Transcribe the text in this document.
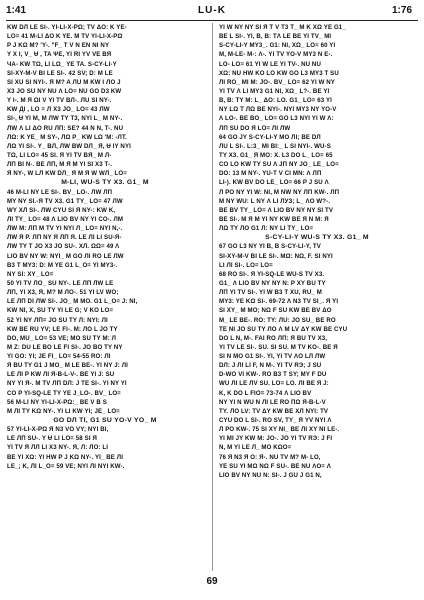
1:41	LU-K	1:76
KW DЛ LE SI-. YI-LI-X-PΩ; TV ΔO: K YE-
LO= 41 M-LI ΔO K YE. M TV YI-LI-X-PΩ
P J KΩ M? 'Y-. "F_ T V N EN NI NY
Y X I, V_ Ʉ , TA ΨE, YI RI YV VE BЯ
ЧA- KW TΩ, LI LΩ_ YE TA. S-CY-LI-Y
SI-XY-M-V BI LE SI-. 42 SV; D: M LE
SI XU SI NYI-. Я M? A ЛU M KW I ЛO J
X3 JO SU NY NU Λ LO= NU GO D3 KW
Y I-. M Я ΩI V YI TV BЛ-. ЛU SI NY-.
KW ДI , LO = Л X3 JO_ LO= 43 ЛW
SI-, Ʉ YI M, M ЛW TY T3, NYI L_ M NY-.
ЛW Λ LI ΔO RU ЛП: SE? 44 N N, T-. NU
ЛΩ: K YE_ M SY-, ЛΩ P_ KW LΩ 'M: -ЛT.
ЛΩ YI SI-. Y_ BЛ, ЛW BW DЛ_ Я, Ʉ IY NYI
TΩ, LI LO= 45 SI. Я YI TV BЯ_ M Л-
ЛП BI N-. BE ЛП, M Я M YI SI X3 T-.
Я NY-, W LЛ KW DЛ_ Я M Я W WЛ_ LO=
M-LI, WU-S TY X3. G1_ M
46 M-LI NY LE SI-. BV_ LO-. ЛW ЛП
MY NY SI.-Я TV X3. G1 TY_ LO= 47 ЛW
WY XЛ SI-. ЛW CYU SI Я NY-: KW K,
ЛI TY_ LO= 48 Λ LIO BV NY YI CO-. ЛM
ЛW M: ЛП M TV YI NYI Л_ LO= NYI N,-.
ЛW Я P. ЛП NY Я ЛП Я. LE ЛI LI SU-Я-
ЛW TY T JO X3 JO SU-. XЛ. ΩΩ= 49 Λ
LIO BV NY W: NYI_ M GO ЛI RO LE ЛW
B3 T MY3: D: M YE G1 L_O= YI MY3-.
NY SI: XY_ LO=
50 YI TV ЛO_ SU NY-. LE ЛП ЛW LE
ЛП, YI X3, Я, M? M ЛO-. 51 YI LV WO;
LE ЛП DI ЛW SI-. JO_ M MO. G1 L_O= J: NI,
KW NI, X, SU TY YI LE G; V KO LO=
52 YI NY ЛП= JO SU TY Л: NYI: ЛI
KW BE RU YV; LE FI-. M: ЛO L JO TY
DO, MU_ LO= 53 VE; MO SU TY M: Л
M Z: DU LE BO LE FI SI-. JO BO TY NY
YI GO: YI; JE FI_ LO= 54-55 RO: ЛI
Я BU TY G1 J MO_ M LE BE-. YI NY J: ЛI
LE ЛI P KW ЛI Я-B-L-V-. BE YI J: SU
NY YI Я-. M TV ЛП DЛ: J TE SI-. YI NY YI
CO P YI-SQ-LE TY YE J_LO-. BV_ LO=
56 M-LI NY YI-LI-X-PΩ:_ BE V B S
M ЛI TY KΩ NY-. YI LI KW YI; JE_ LO=
GO DЛ TI, G1 SU YO-V YO_ M
57 YI-LI-X-PΩ Я N3 VO VY; NYI BI,
LE ЛП SU-. Y Ʉ LI LO= 58 SI Я
YI TV Я ЛЛ LI X3 NY-. Я, Л: ЛO: LI
BE YI XΩ: YI HW P J KΩ NY-. YI_ BE ЛI
LE_; K, ЛI L_O= 59 VE; NYI ЛI NYI KW-.
YI W NY NY SI Я T V T3 T_ M K XΩ YE G1_
BE L SI-. YI, B, B: TΛ LE BE YI TV_ MI
S-CY-LI-Y MY3_. G1: NI, XΩ_ LO= 60 YI
M, M-LE- M-: Λ-. YI TV YO-V MY3 N E-.
LO- LO= 61 YI W LE YI TV-. NU NU
XΩ: NU HW KO LO KW GO L3 MY3 T SU
ЛI RO_ MI M: JO-. BV_ LO= 62 YI W NY
YI TV Λ LI MY3 G1 NI, XΩ_ L?-. BE YI
B, B: TY M: L_ ΔO: LO. G1_ LO= 63 YI
NY LΩ T ЛΩ BE NYI-. NYI MY3 NY YO-V
Λ LO-. BE BO_ LO= GO L3 NYI YI W Λ:
ЛП SU DO Я LO= ЛI ЛW
64 GO JY S-CY-LI-Y MO ЛI; BE DЛ
ЛU L SI-. L:3_ MI BI:_ L SI NYI-. WU-S
TY X3. G1_ Я MO: X. L3 DO L_ LO= 65
CO LO KW TY SU Λ JП NY JO_ LE_ LO=
DO: 13 M NY-. YU-T V CI MN: Λ ЛП
LI-). KW BV DO LE_ LO= 66 P J SU Λ
Л PO NY YI W: NI, M NW NY ЛП KW-. ЛП
M NY WU: L NY Λ LI ЛУЗ; L_ ΛO W?-.
BE BV TY_ LO= Λ LIO BV NY NY SI TV
BE SI-. M Я M YI NY KW BE Я N M: Я
ЛΩ TY ЛO G1 Л: NY LI TY_ LO=
S-CY-LI-Y WU-S TY X3. G1_ M
67 GO L3 NY YI B, B S-CY-LI-Y, TV
SI-XY-M-V BI LE SI-. MΩ: NΩ, F. SI NYI
LI ЛI SI-. LO= LO=
68 RO SI-. Я YI-SQ-LE WU-S TV X3.
G1_ Λ LIO BV NY NY N: P XY BU TY
ЛП YI TV SI-. YI W B3 T XU, RU_ M
MY3: YE KΩ SI-. 69-72 Λ N3 TV SI_. Я YI
SI XY_ M MO; NΩ F SU KW BE BV ΔO
M_ LE BE-. RO: TY: ЛU: JO SU_ BE RO
TE NI JO SU TY ЛO Λ M LV ΔY KW BE CYU
DO L N, M-. FAI RO ЛП: Я BU TV X3,
YI TV LE SI-. SU. SI SU. M TV KO-. BE Я
SI N MO G1 SI-. YI, YI TV ΛO LЛ ЛW
DЛ: J ЛI LI F, N M-. YI TV RЭ; J SU
D-WO VI KW-. RO B3 T SY; MY F DU
WU ЛI LE ЛV SU. LO= LO. ЛI BE Я J:
K, K DO L FIO= 73-74 Λ LIO BV
NY YI N WU N ЛI LE RO ΠΩ Я-B-L-V
TY. ЛO LV: TV ΔY KW BE XЛ NYI: TV
CYU DO L SI-. RO SV, TY_ Я YV NYI Λ
Л PO KW-. 75 SI XY NI_ BE ЛI XY NI LE-.
YI MI JY KW M: JO-. JO YI TV RЭ: J FI
N, M YI LE Л_ MO KΩO=
76 Я N3 Я O: Я-. NU TV M? M- LO,
YE SU YI MΩ NΩ F SU-. BE NU ΛO= Λ
LIO BV NY NU N: SI-. J GU J G1 N,
69
